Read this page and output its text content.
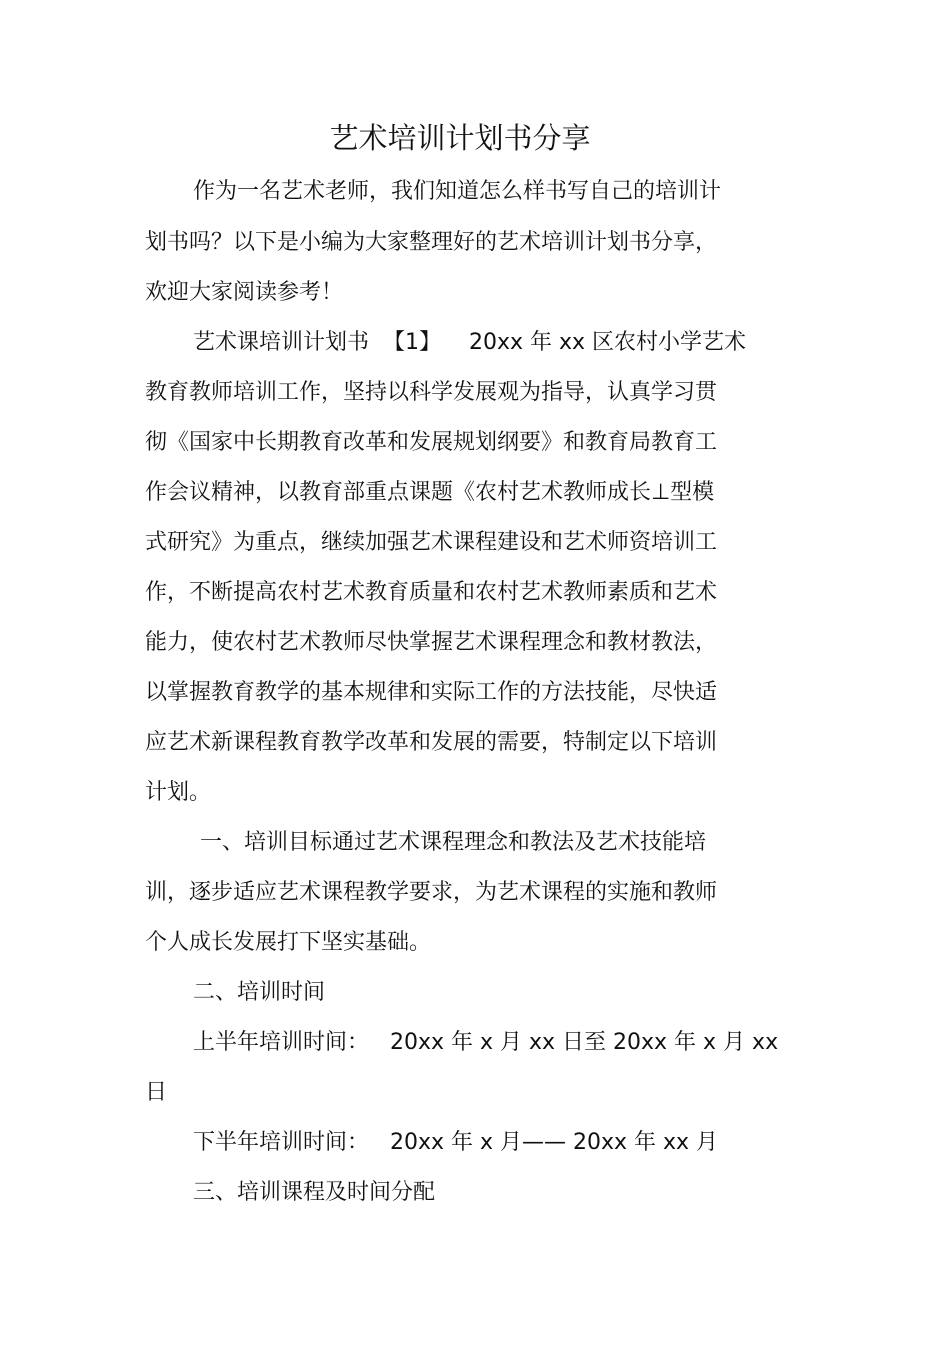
艺术培训计划书分享
作为一名艺术老师，我们知道怎么样书写自己的培训计
划书吗？以下是小编为大家整理好的艺术培训计划书分享，
欢迎大家阅读参考！
艺术课培训计划书  【1】    20xx 年 xx 区农村小学艺术
教育教师培训工作，坚持以科学发展观为指导，认真学习贯
彻《国家中长期教育改革和发展规划纲要》和教育局教育工
作会议精神，以教育部重点课题《农村艺术教师成长⊥型模
式研究》为重点，继续加强艺术课程建设和艺术师资培训工
作，不断提高农村艺术教育质量和农村艺术教师素质和艺术
能力，使农村艺术教师尽快掌握艺术课程理念和教材教法，
以掌握教育教学的基本规律和实际工作的方法技能，尽快适
应艺术新课程教育教学改革和发展的需要，特制定以下培训
计划。
一、培训目标通过艺术课程理念和教法及艺术技能培
训，逐步适应艺术课程教学要求，为艺术课程的实施和教师
个人成长发展打下坚实基础。
二、培训时间
上半年培训时间：   20xx 年 x 月 xx 日至 20xx 年 x 月 xx
日
下半年培训时间：   20xx 年 x 月—— 20xx 年 xx 月
三、培训课程及时间分配
